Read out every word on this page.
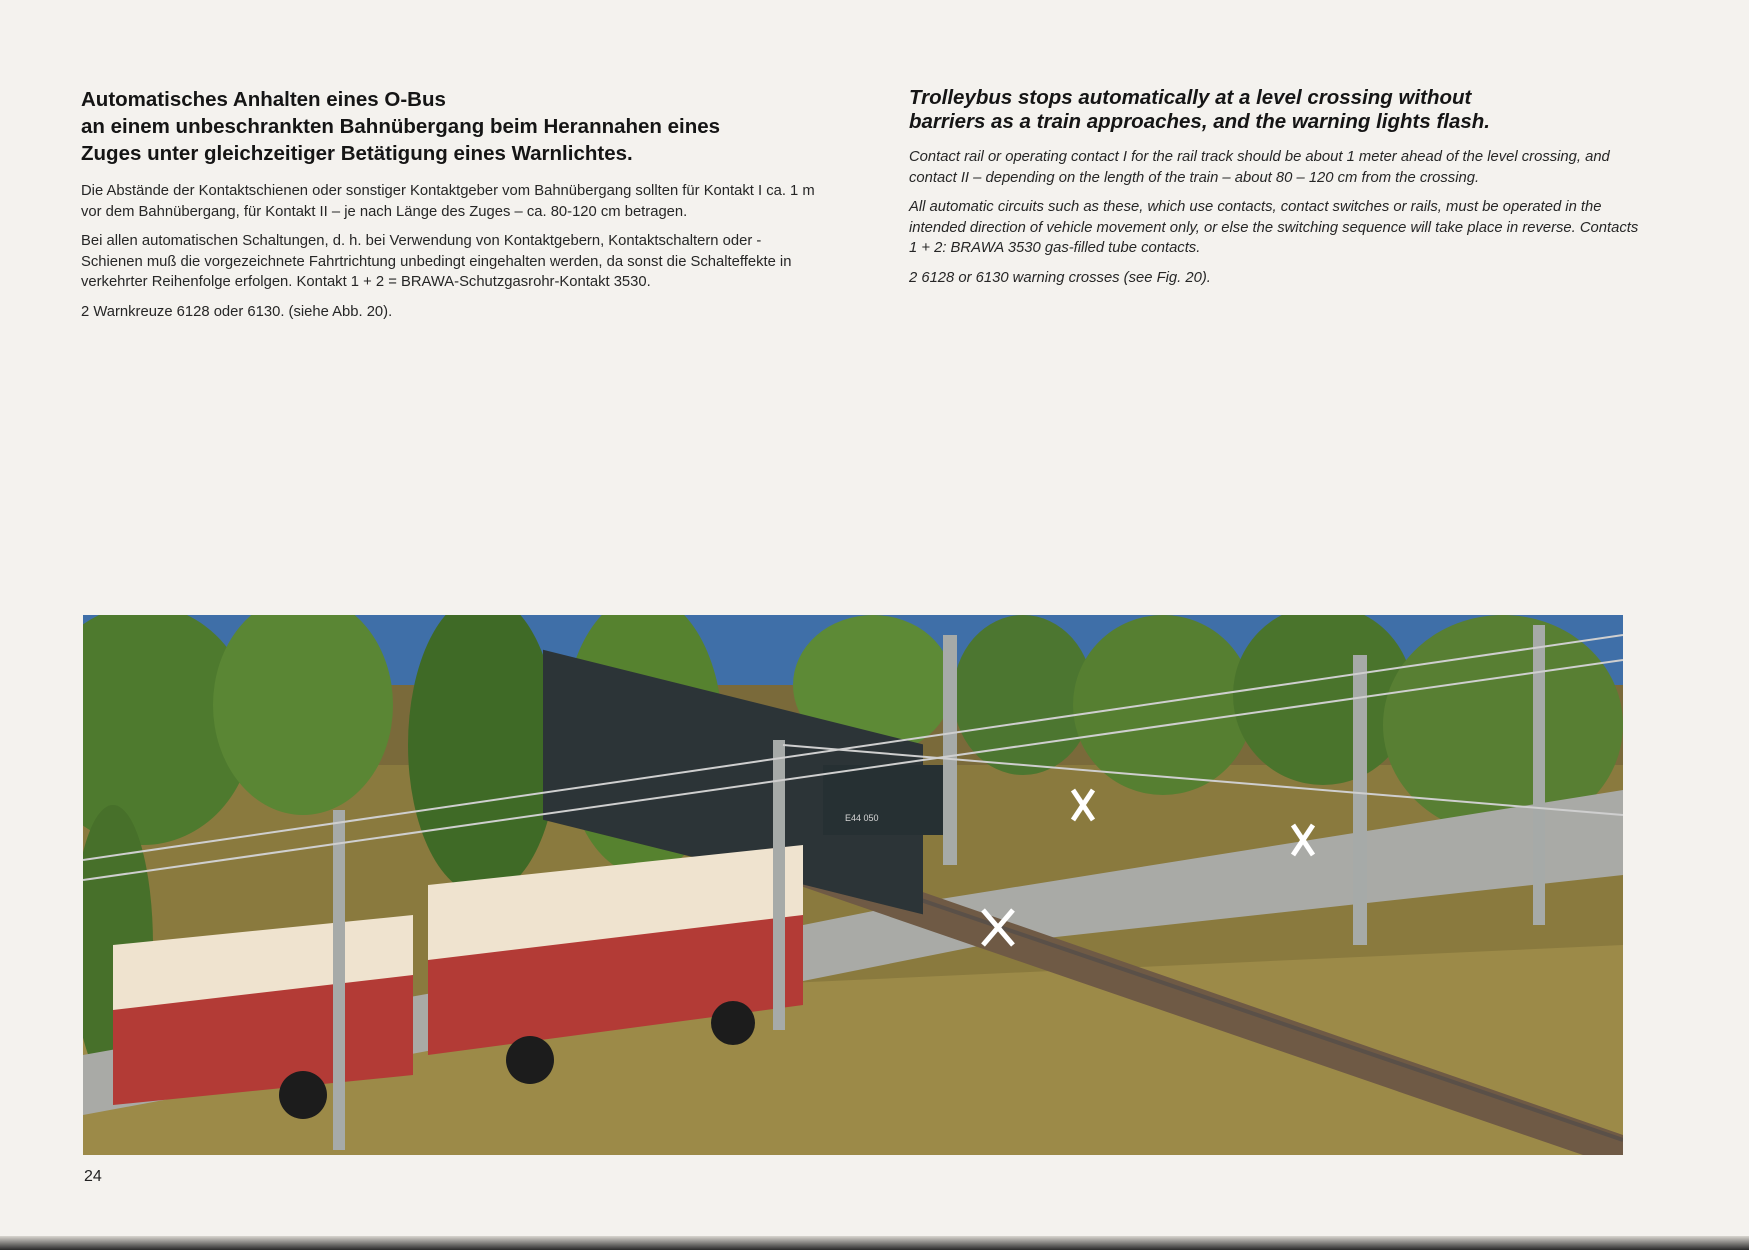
Automatisches Anhalten eines O-Bus
an einem unbeschrankten Bahnübergang beim Herannahen eines
Zuges unter gleichzeitiger Betätigung eines Warnlichtes.

Die Abstände der Kontaktschienen oder sonstiger Kontaktgeber vom Bahnübergang sollten für Kontakt I ca. 1 m vor dem Bahnübergang, für Kontakt II – je nach Länge des Zuges – ca. 80-120 cm betragen.

Bei allen automatischen Schaltungen, d. h. bei Verwendung von Kontaktgebern, Kontaktschaltern oder -Schienen muß die vorgezeichnete Fahrtrichtung unbedingt eingehalten werden, da sonst die Schalteffekte in verkehrter Reihenfolge erfolgen. Kontakt 1 + 2 = BRAWA-Schutzgasrohr-Kontakt 3530.

2 Warnkreuze 6128 oder 6130. (siehe Abb. 20).

Trolleybus stops automatically at a level crossing without
barriers as a train approaches, and the warning lights flash.

Contact rail or operating contact I for the rail track should be about 1 meter ahead of the level crossing, and contact II – depending on the length of the train – about 80 – 120 cm from the crossing.

All automatic circuits such as these, which use contacts, contact switches or rails, must be operated in the intended direction of vehicle movement only, or else the switching sequence will take place in reverse. Contacts 1 + 2: BRAWA 3530 gas-filled tube contacts.

2 6128 or 6130 warning crosses (see Fig. 20).

E44 050
24
